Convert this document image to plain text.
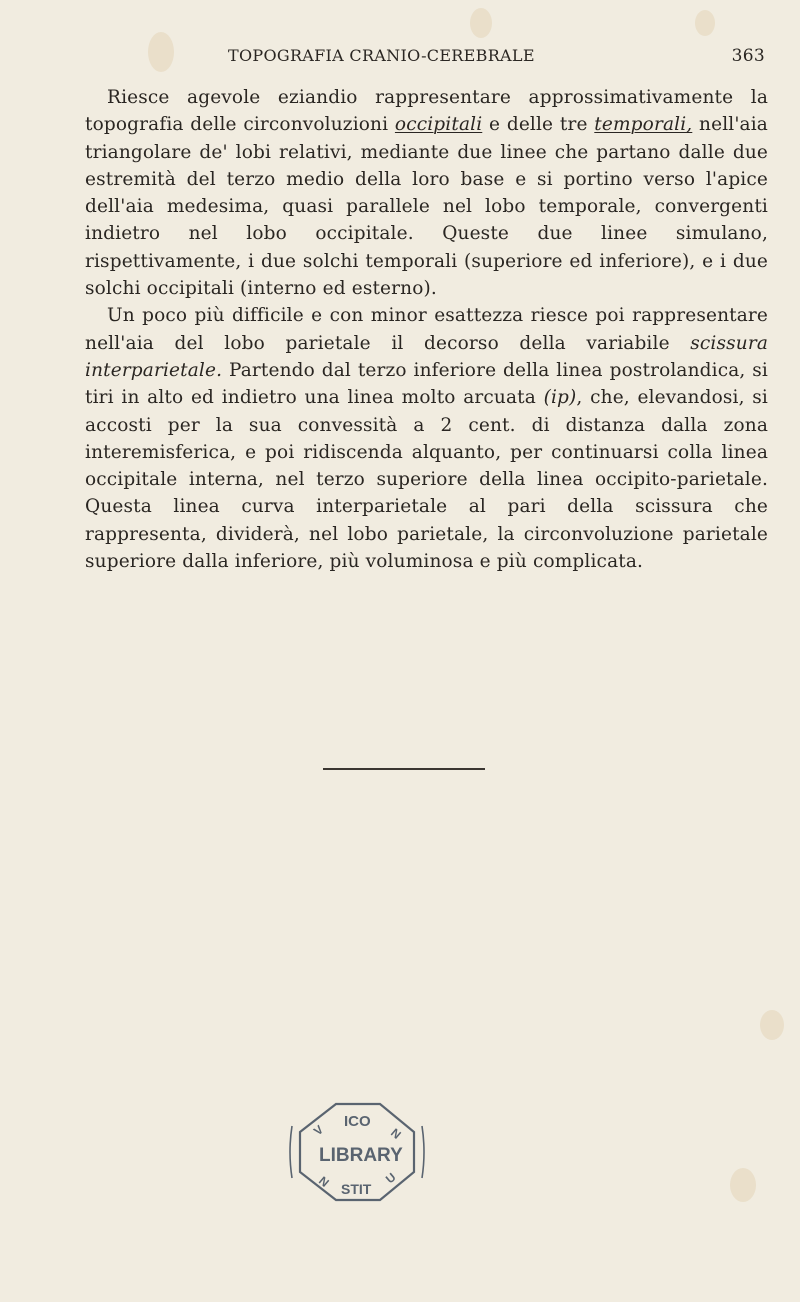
TOPOGRAFIA CRANIO-CEREBRALE	363

Riesce agevole eziandio rappresentare approssimativamente la topografia delle circonvoluzioni occipitali e delle tre temporali, nell'aia triangolare de' lobi relativi, mediante due linee che partano dalle due estremità del terzo medio della loro base e si portino verso l'apice dell'aia medesima, quasi parallele nel lobo temporale, convergenti indietro nel lobo occipitale. Queste due linee simulano, rispettivamente, i due solchi temporali (superiore ed inferiore), e i due solchi occipitali (interno ed esterno).

Un poco più difficile e con minor esattezza riesce poi rappresentare nell'aia del lobo parietale il decorso della variabile scissura interparietale. Partendo dal terzo inferiore della linea postrolandica, si tiri in alto ed indietro una linea molto arcuata (ip), che, elevandosi, si accosti per la sua convessità a 2 cent. di distanza dalla zona interemisferica, e poi ridiscenda alquanto, per continuarsi colla linea occipitale interna, nel terzo superiore della linea occipito-parietale. Questa linea curva interparietale al pari della scissura che rappresenta, dividerà, nel lobo parietale, la circonvoluzione parietale superiore dalla inferiore, più voluminosa e più complicata.

ICO
LIBRARY
STIT
V	N
N	U
